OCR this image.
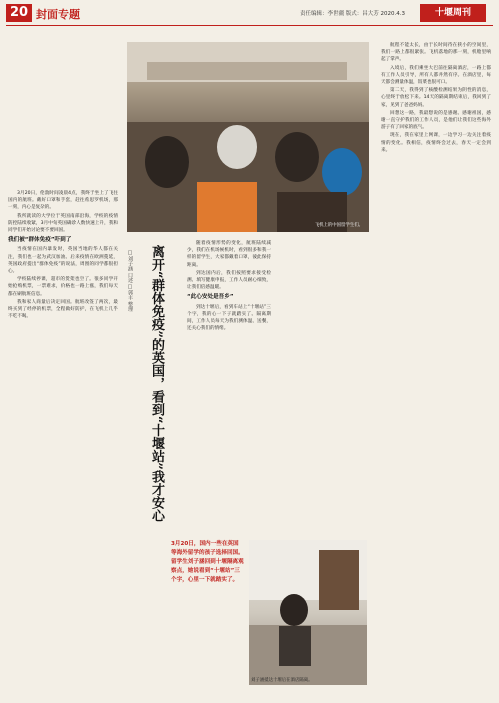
20 封面专题	责任编辑：李世疆 版式：昌大芳 2020.4.3	十堰周刊

3月20日，伦敦时间凌晨4点，我终于坐上了飞往国内的航班。戴好口罩和手套，赶往希思罗机场，那一刻，内心是复杂的。

我所就读的大学位于英国南部沿海，学校的疫情防控陆续收紧，3月中旬英国确诊人数快速上升，我和同学们开始讨论要不要回国。

我们被“群体免疫”吓到了

当疫情在国内暴发时，英国当地的华人都在关注，我们也一起为武汉加油。后来疫情在欧洲蔓延，英国政府提出“群体免疫”的说法，周围的同学都很担心。

学校陆续停课，超市的货架也空了。很多同学开始抢购机票，一票难求，价格也一路上涨，我们每天都在刷航班信息。

我和家人商量后决定回国。航班改签了两次，最终买到了经停的机票，全程做好防护，在飞机上几乎不吃不喝。

飞机上的中国留学生们。
□刘子涵 口述 □郭丰 整理	离开“群体免疫”的英国，看到“十堰站”我才安心

随着疫情形势的变化，航班陆续减少，我们在机场候机时，看到很多和我一样的留学生，大家都戴着口罩，彼此保持距离。

到达国内后，我们按照要求接受检测、填写健康申报，工作人员耐心细致，让我们倍感温暖。

“此心安处是吾乡”

到达十堰后，看到车站上“十堰站”三个字，我的心一下子就踏实了。隔离期间，工作人员每天为我们测体温、送餐，还关心我们的情绪。

3月20日，国内一些在英国等海外留学的孩子选择回国。留学生刘子涵回到十堰隔离观察点，她说看到“十堰站”三个字，心里一下就踏实了。
刘子涵抵达十堰后在酒店隔离。

航程不能太长，由于长时间待在狭小的空间里，我们一路上都很紧张。飞机落地的那一刻，机舱里响起了掌声。

入境后，我们乘坐大巴前往隔离酒店，一路上都有工作人员引导，所有人都井然有序。在酒店里，每天都会测量体温，饭菜也很可口。

第二天，我得到了核酸检测结果为阴性的消息，心里终于放松下来。14天的隔离期结束后，我回到了家，见到了爸爸妈妈。

回想这一路，我最想说的是感谢。感谢祖国，感谢一直守护我们的工作人员，是他们让我们这些海外游子有了回家的底气。

现在，我在家里上网课，一边学习一边关注着疫情的变化。我相信，疫情终会过去，春天一定会到来。
